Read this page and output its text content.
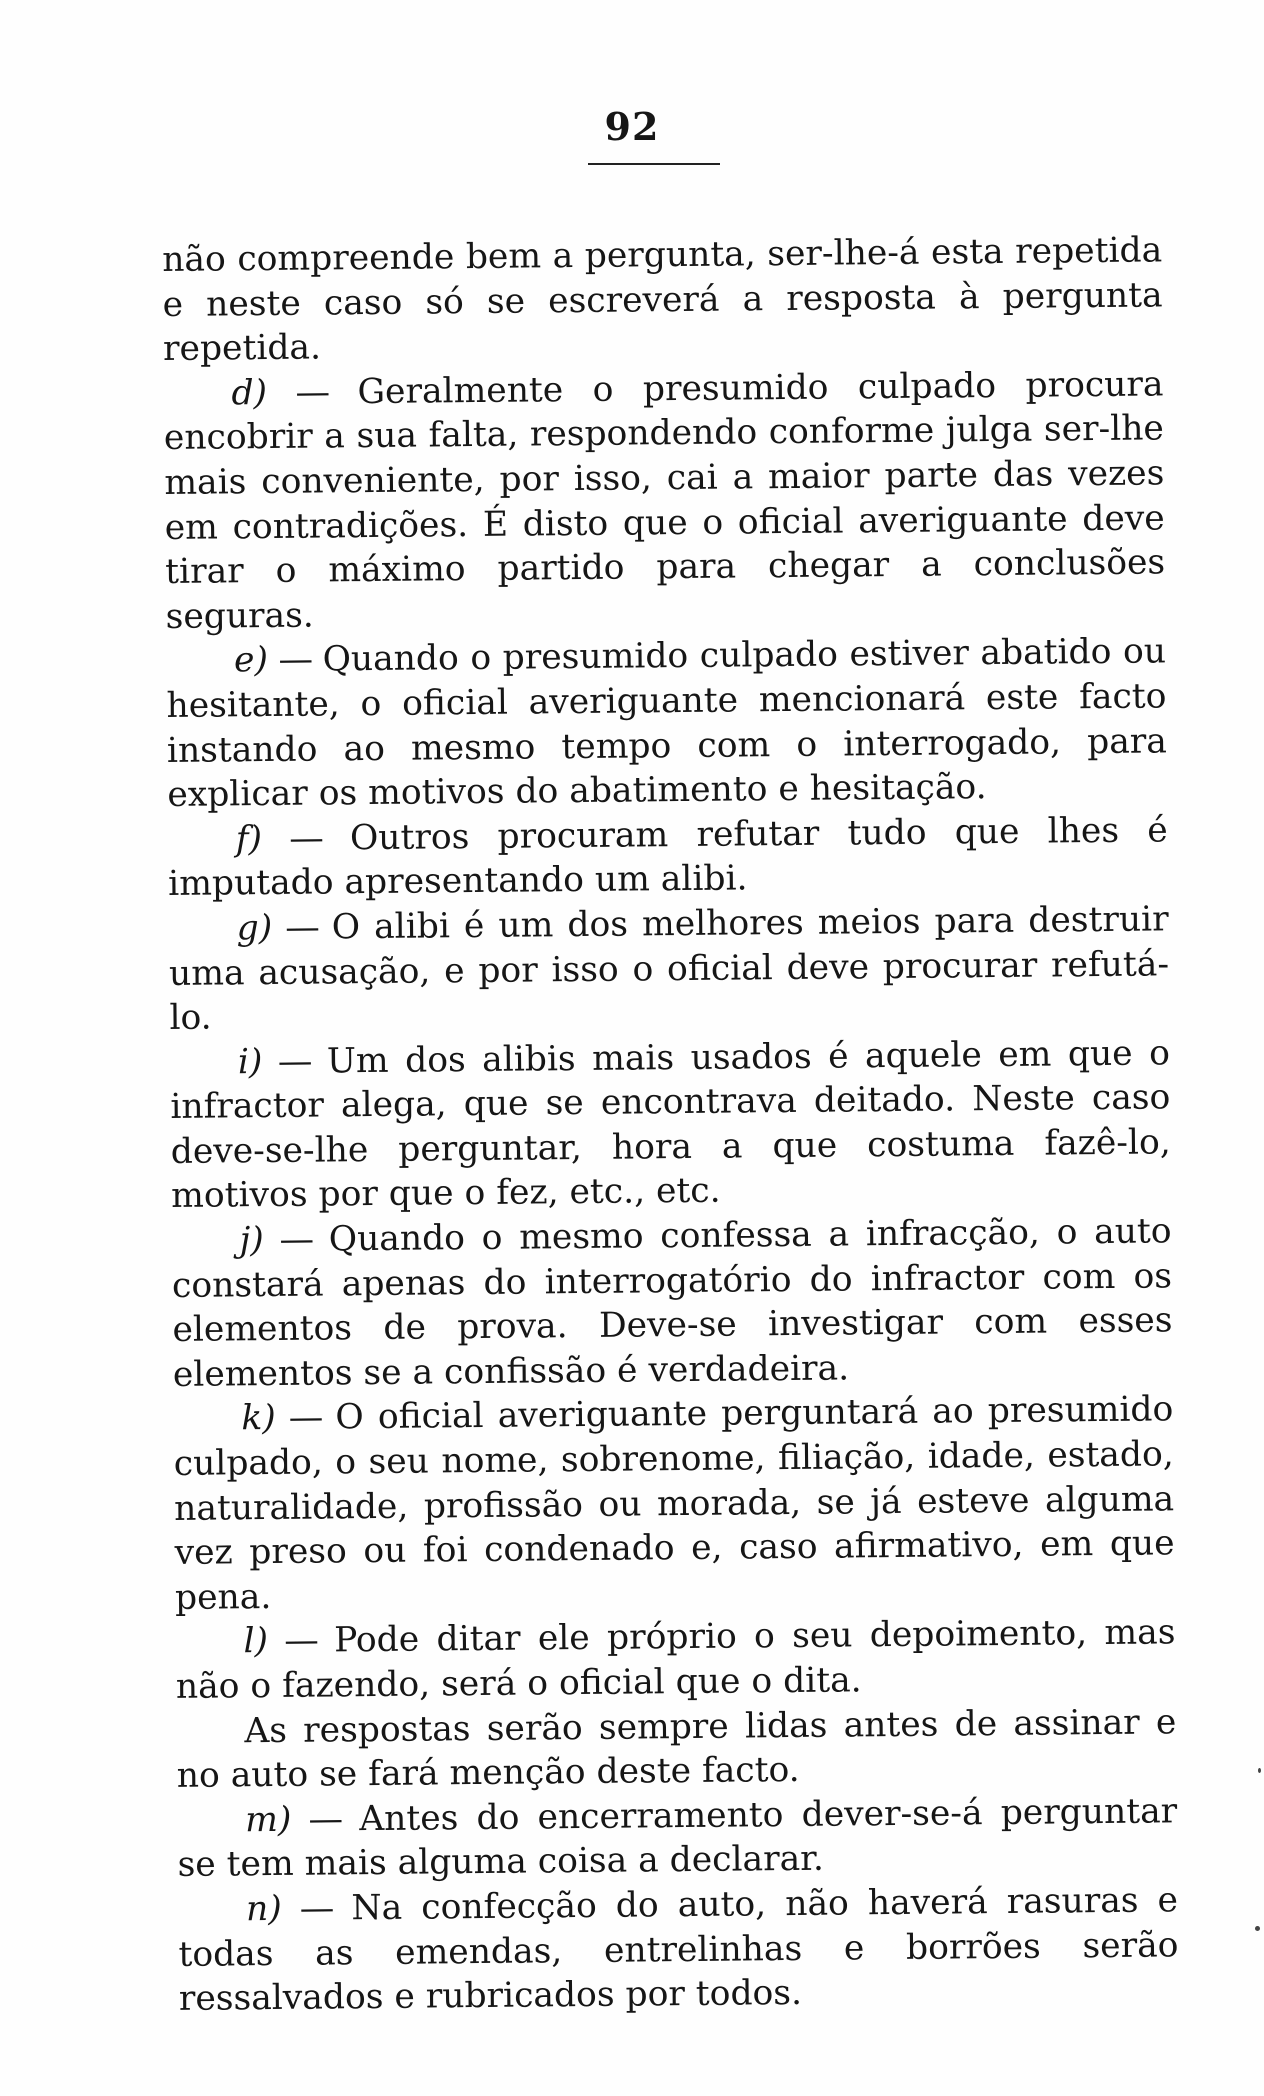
92

não compreende bem a pergunta, ser-lhe-á esta repetida e neste caso só se escreverá a resposta à pergunta repetida.

d) — Geralmente o presumido culpado procura encobrir a sua falta, respondendo conforme julga ser-lhe mais conveniente, por isso, cai a maior parte das vezes em contradições. É disto que o oficial averiguante deve tirar o máximo partido para chegar a conclusões seguras.

e) — Quando o presumido culpado estiver abatido ou hesitante, o oficial averiguante mencionará este facto instando ao mesmo tempo com o interrogado, para explicar os motivos do abatimento e hesitação.

f) — Outros procuram refutar tudo que lhes é imputado apresentando um alibi.

g) — O alibi é um dos melhores meios para destruir uma acusação, e por isso o oficial deve procurar refutá-lo.

i) — Um dos alibis mais usados é aquele em que o infractor alega, que se encontrava deitado. Neste caso deve-se-lhe perguntar, hora a que costuma fazê-lo, motivos por que o fez, etc., etc.

j) — Quando o mesmo confessa a infracção, o auto constará apenas do interrogatório do infractor com os elementos de prova. Deve-se investigar com esses elementos se a confissão é verdadeira.

k) — O oficial averiguante perguntará ao presumido culpado, o seu nome, sobrenome, filiação, idade, estado, naturalidade, profissão ou morada, se já esteve alguma vez preso ou foi condenado e, caso afirmativo, em que pena.

l) — Pode ditar ele próprio o seu depoimento, mas não o fazendo, será o oficial que o dita.

As respostas serão sempre lidas antes de assinar e no auto se fará menção deste facto.

m) — Antes do encerramento dever-se-á perguntar se tem mais alguma coisa a declarar.

n) — Na confecção do auto, não haverá rasuras e todas as emendas, entrelinhas e borrões serão ressalvados e rubricados por todos.
